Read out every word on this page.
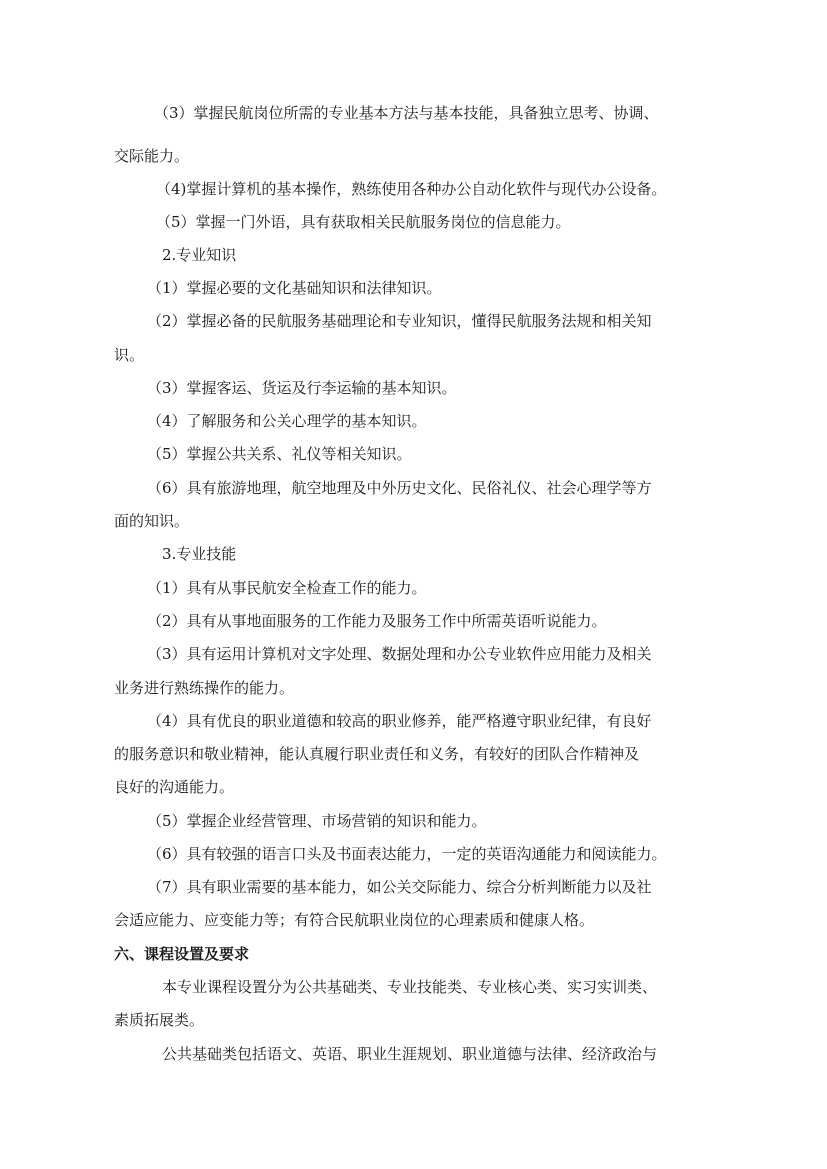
（3）掌握民航岗位所需的专业基本方法与基本技能，具备独立思考、协调、
交际能力。
（4)掌握计算机的基本操作，熟练使用各种办公自动化软件与现代办公设备。
（5）掌握一门外语，具有获取相关民航服务岗位的信息能力。
2.专业知识
（1）掌握必要的文化基础知识和法律知识。
（2）掌握必备的民航服务基础理论和专业知识，懂得民航服务法规和相关知
识。
（3）掌握客运、货运及行李运输的基本知识。
（4）了解服务和公关心理学的基本知识。
（5）掌握公共关系、礼仪等相关知识。
（6）具有旅游地理，航空地理及中外历史文化、民俗礼仪、社会心理学等方
面的知识。
3.专业技能
（1）具有从事民航安全检查工作的能力。
（2）具有从事地面服务的工作能力及服务工作中所需英语听说能力。
（3）具有运用计算机对文字处理、数据处理和办公专业软件应用能力及相关
业务进行熟练操作的能力。
（4）具有优良的职业道德和较高的职业修养，能严格遵守职业纪律，有良好
的服务意识和敬业精神，能认真履行职业责任和义务，有较好的团队合作精神及
良好的沟通能力。
（5）掌握企业经营管理、市场营销的知识和能力。
（6）具有较强的语言口头及书面表达能力，一定的英语沟通能力和阅读能力。
（7）具有职业需要的基本能力，如公关交际能力、综合分析判断能力以及社
会适应能力、应变能力等；有符合民航职业岗位的心理素质和健康人格。
六、课程设置及要求
本专业课程设置分为公共基础类、专业技能类、专业核心类、实习实训类、
素质拓展类。
公共基础类包括语文、英语、职业生涯规划、职业道德与法律、经济政治与
